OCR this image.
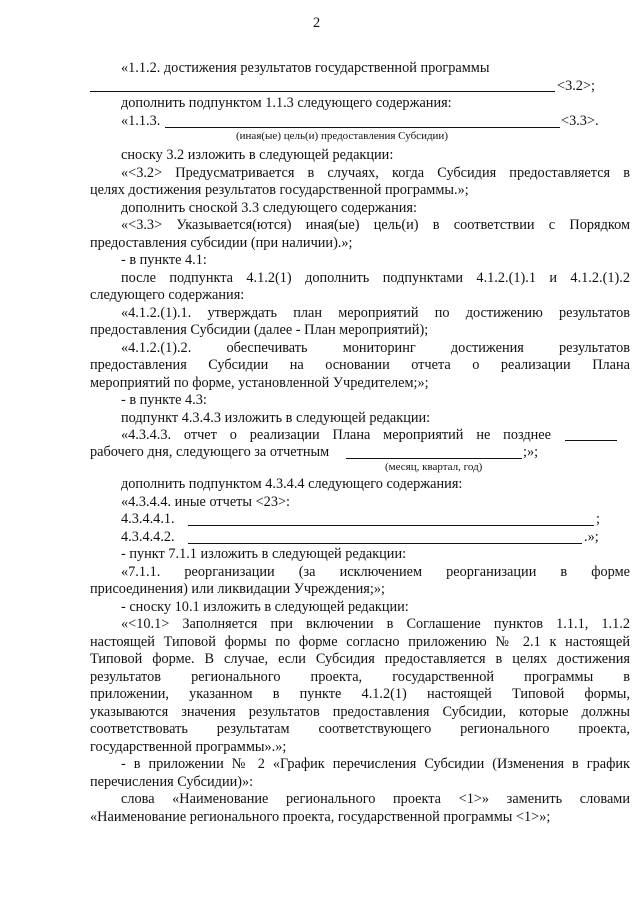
2
«1.1.2. достижения результатов государственной программы
<3.2>;
дополнить подпунктом 1.1.3 следующего содержания:
«1.1.3.	<3.3>.
(иная(ые) цель(и) предоставления Субсидии)
сноску 3.2 изложить в следующей редакции:
«<3.2> Предусматривается в случаях, когда Субсидия предоставляется в
целях достижения результатов государственной программы.»;
дополнить сноской 3.3 следующего содержания:
«<3.3> Указывается(ются) иная(ые) цель(и) в соответствии с Порядком
предоставления субсидии (при наличии).»;
- в пункте 4.1:
после подпункта 4.1.2(1) дополнить подпунктами 4.1.2.(1).1 и 4.1.2.(1).2
следующего содержания:
«4.1.2.(1).1. утверждать план мероприятий по достижению результатов
предоставления Субсидии (далее - План мероприятий);
«4.1.2.(1).2. обеспечивать мониторинг достижения результатов
предоставления Субсидии на основании отчета о реализации Плана
мероприятий по форме, установленной Учредителем;»;
- в пункте 4.3:
подпункт 4.3.4.3 изложить в следующей редакции:
«4.3.4.3. отчет о реализации Плана мероприятий не позднее
рабочего дня, следующего за отчетным	;»;
(месяц, квартал, год)
дополнить подпунктом 4.3.4.4 следующего содержания:
«4.3.4.4. иные отчеты <23>:
4.3.4.4.1.	;
4.3.4.4.2.	.»;
- пункт 7.1.1 изложить в следующей редакции:
«7.1.1. реорганизации (за исключением реорганизации в форме
присоединения) или ликвидации Учреждения;»;
- сноску 10.1 изложить в следующей редакции:
«<10.1> Заполняется при включении в Соглашение пунктов 1.1.1, 1.1.2
настоящей Типовой формы по форме согласно приложению № 2.1 к настоящей
Типовой форме. В случае, если Субсидия предоставляется в целях достижения
результатов регионального проекта, государственной программы в
приложении, указанном в пункте 4.1.2(1) настоящей Типовой формы,
указываются значения результатов предоставления Субсидии, которые должны
соответствовать результатам соответствующего регионального проекта,
государственной программы».»;
- в приложении № 2 «График перечисления Субсидии (Изменения в график
перечисления Субсидии)»:
слова «Наименование регионального проекта <1>» заменить словами
«Наименование регионального проекта, государственной программы <1>»;
